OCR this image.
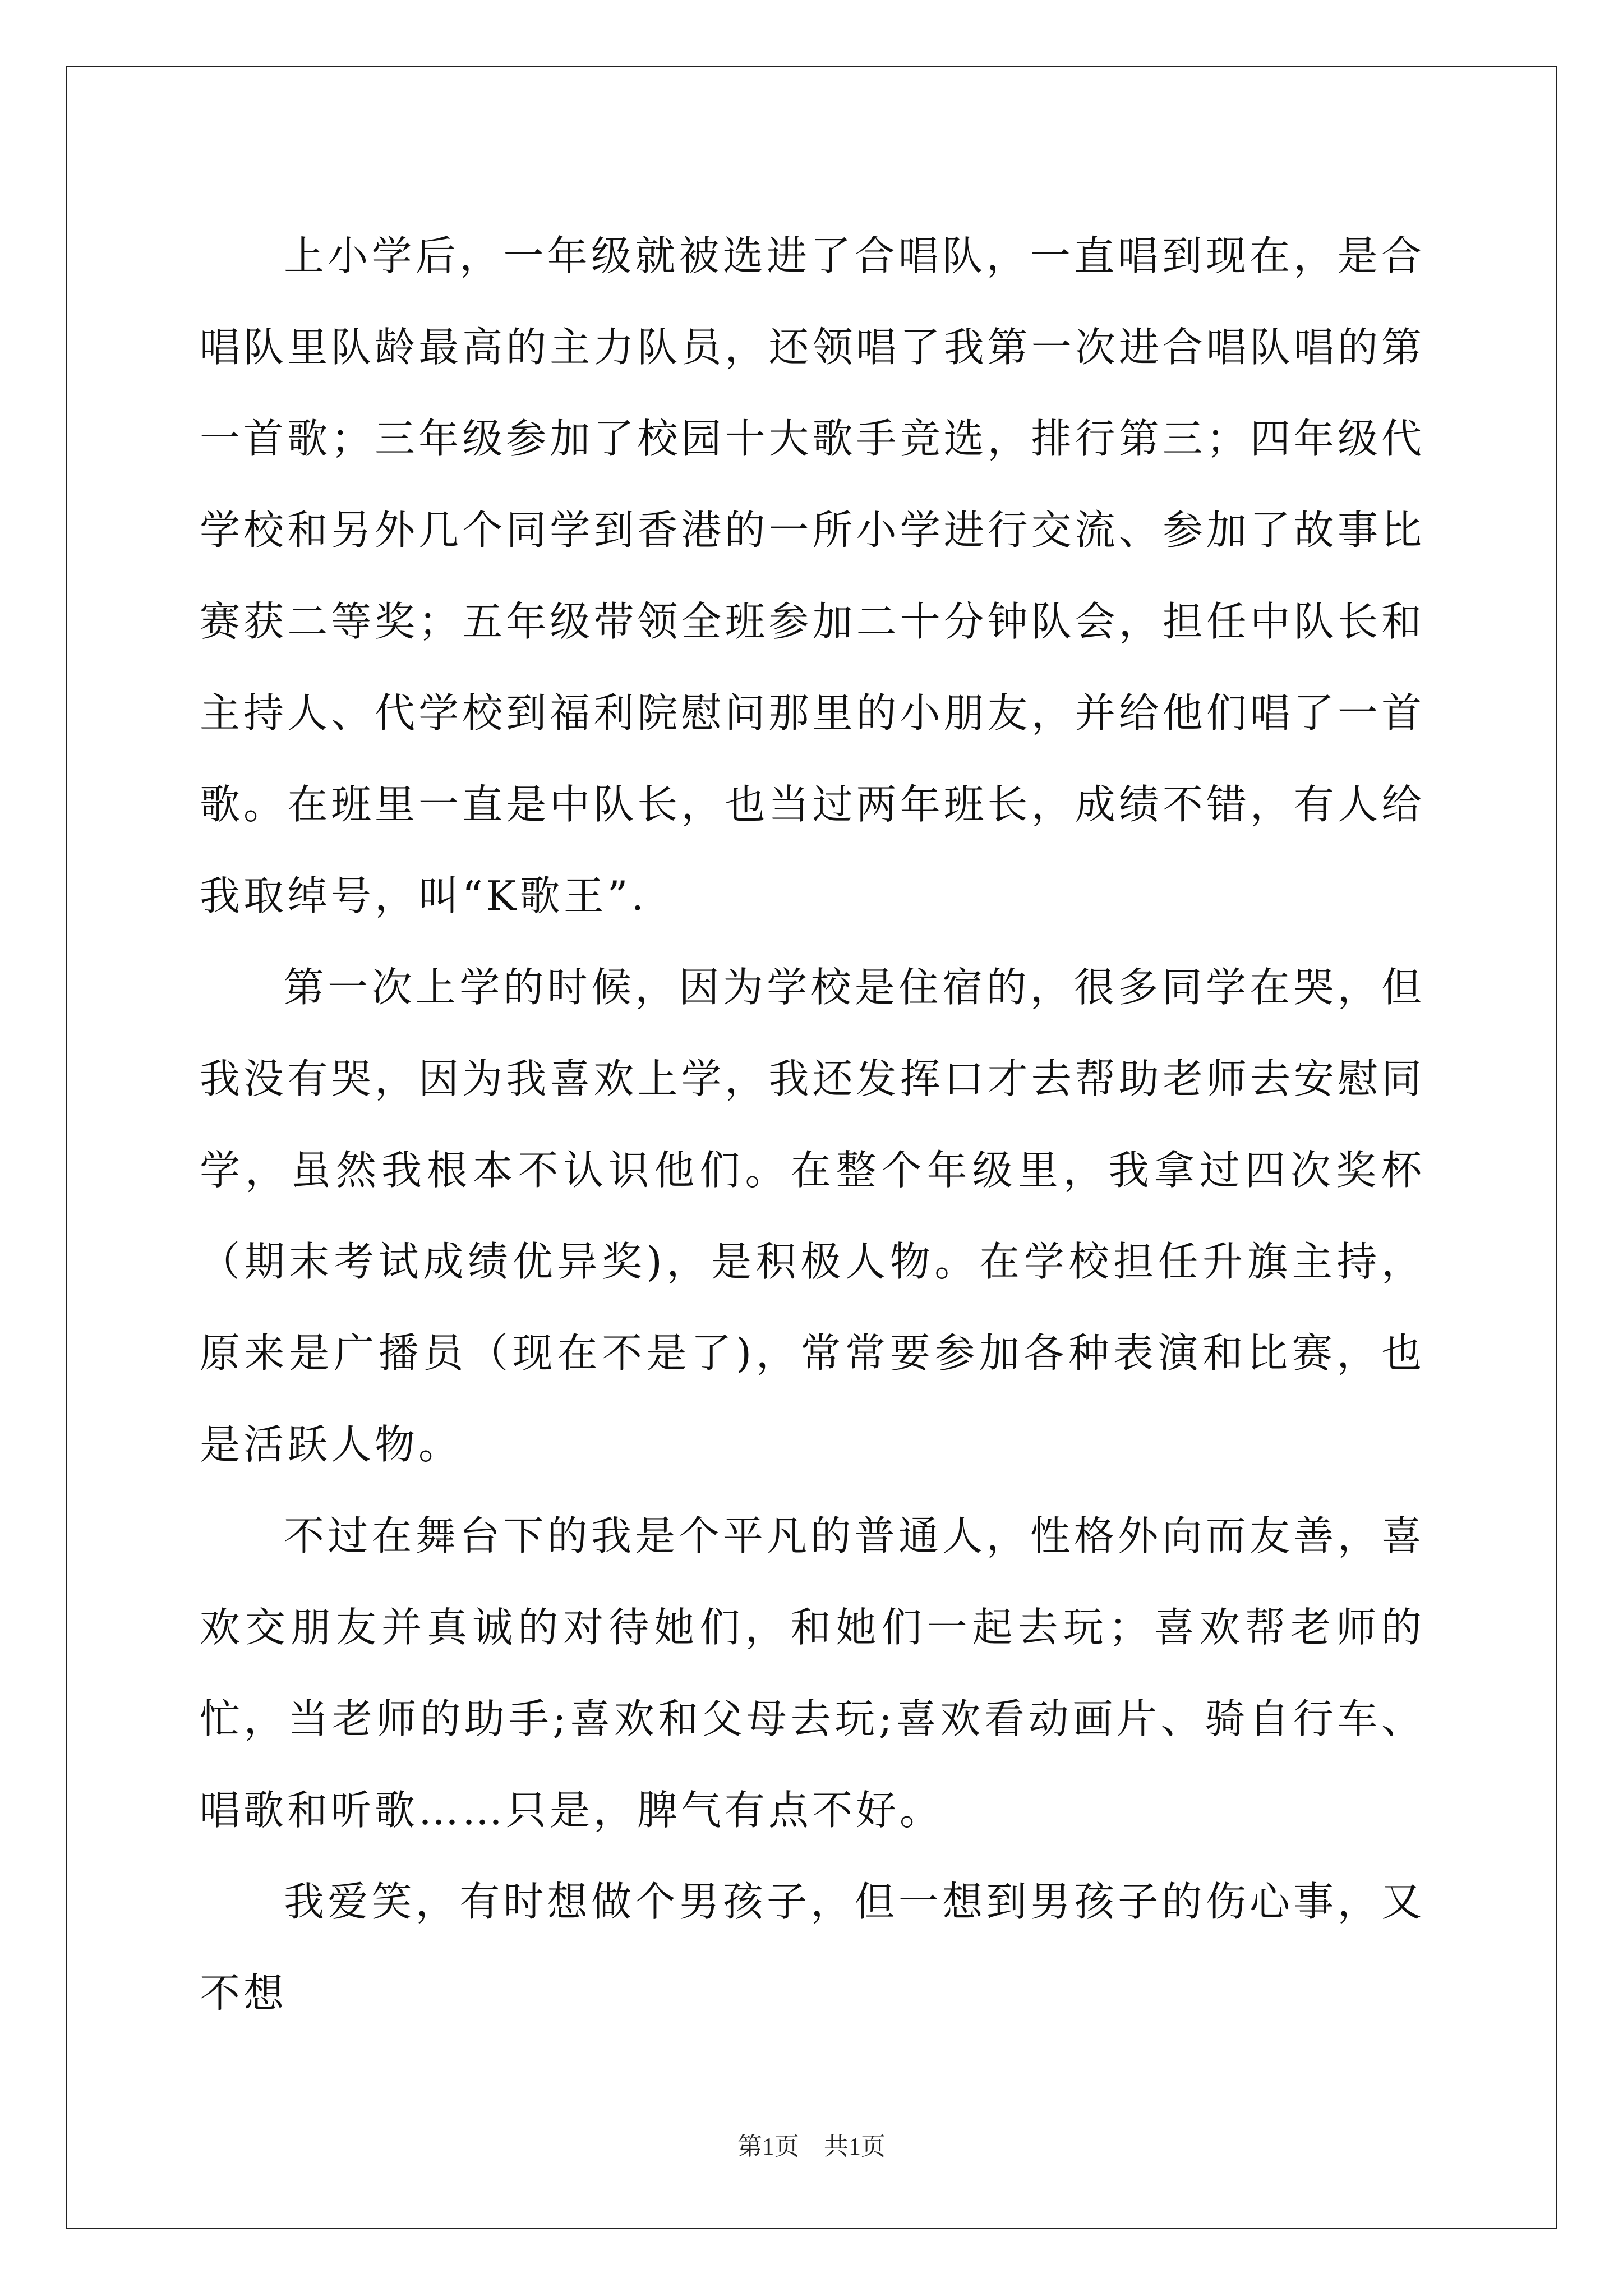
上小学后，一年级就被选进了合唱队，一直唱到现在，是合唱队里队龄最高的主力队员，还领唱了我第一次进合唱队唱的第一首歌；三年级参加了校园十大歌手竞选，排行第三；四年级代学校和另外几个同学到香港的一所小学进行交流、参加了故事比赛获二等奖；五年级带领全班参加二十分钟队会，担任中队长和主持人、代学校到福利院慰问那里的小朋友，并给他们唱了一首歌。在班里一直是中队长，也当过两年班长，成绩不错，有人给我取绰号，叫“K歌王”.

第一次上学的时候，因为学校是住宿的，很多同学在哭，但我没有哭，因为我喜欢上学，我还发挥口才去帮助老师去安慰同学，虽然我根本不认识他们。在整个年级里，我拿过四次奖杯（期末考试成绩优异奖)，是积极人物。在学校担任升旗主持，原来是广播员（现在不是了)，常常要参加各种表演和比赛，也是活跃人物。

不过在舞台下的我是个平凡的普通人，性格外向而友善，喜欢交朋友并真诚的对待她们，和她们一起去玩；喜欢帮老师的忙，当老师的助手;喜欢和父母去玩;喜欢看动画片、骑自行车、唱歌和听歌……只是，脾气有点不好。

我爱笑，有时想做个男孩子，但一想到男孩子的伤心事，又不想

第1页 共1页
